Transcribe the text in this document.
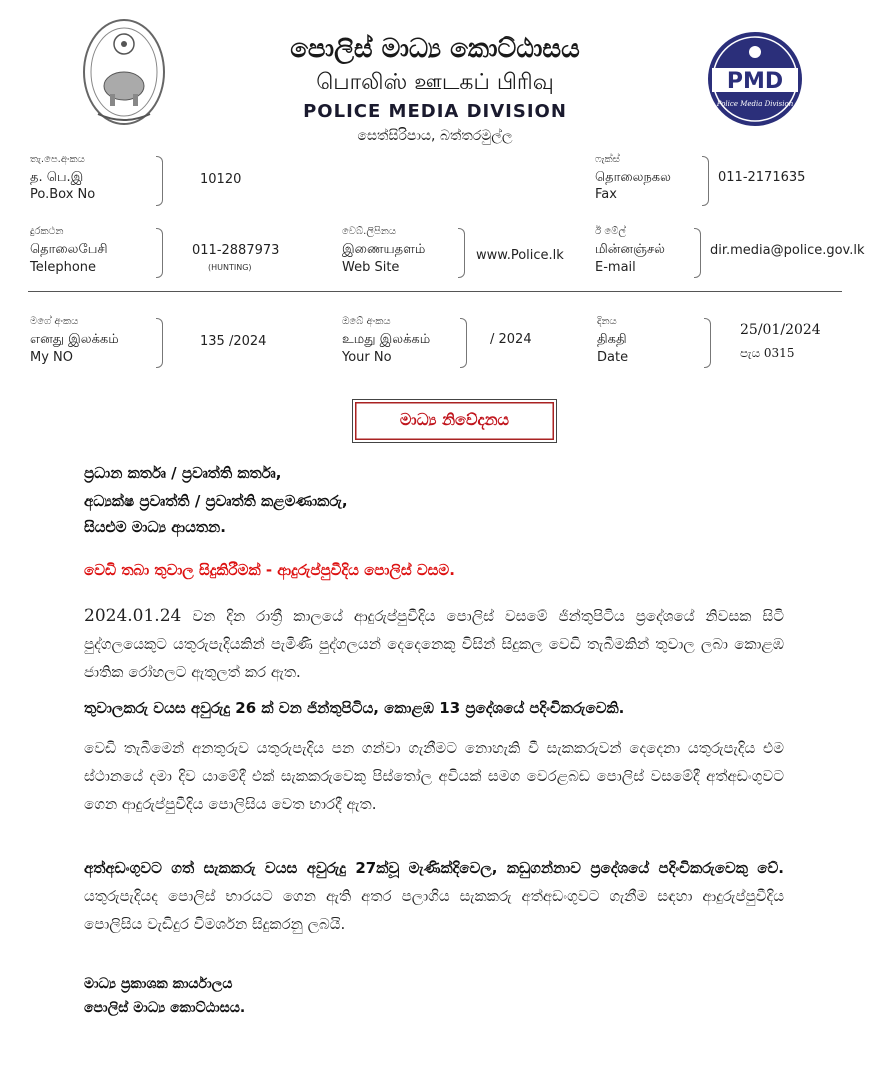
PMD
Police Media Division
පොලිස් මාධ්‍ය කොට්ඨාසය
பொலிஸ் ஊடகப் பிரிவு
POLICE MEDIA DIVISION
සෙත්සිරිපාය, බත්තරමුල්ල
තැ.පෙ.අංකය
த. பெ.இ
Po.Box No
10120
ෆැක්ස්
தொலைநகல
Fax
011-2171635
දුරකථන
தொலைபேசி
Telephone
011-2887973
(HUNTING)
වෙබ්.ලිපිනය
இணையதளம்
Web Site
www.Police.lk
ඊ මේල්
மின்னஞ்சல்
E-mail
dir.media@police.gov.lk
මගේ අංකය
எனது இலக்கம்
My NO
135 /2024
ඔබේ අංකය
உமது இலக்கம்
Your No
/ 2024
දිනය
திகதி
Date
25/01/2024
පැය 0315
මාධ්‍ය නිවේදනය
ප්‍රධාන කර්තෘ / ප්‍රවෘත්ති කර්තෘ,
අධ්‍යක්ෂ ප්‍රවෘත්ති / ප්‍රවෘත්ති කළමණාකරු,
සියළුම මාධ්‍ය ආයතන.
වෙඩි තබා තුවාල සිදුකිරීමක් - ආදුරුප්පුවීදිය පොලිස් වසම.
2024.01.24 වන දින රාත්‍රී කාලයේ ආදුරුප්පුවීදිය පොලිස් වසමේ ජින්තුපිටිය ප්‍රදේශයේ නිවසක සිටි පුද්ගලයෙකුට යතුරුපැදියකින් පැමිණි පුද්ගලයන් දෙදෙනෙකු විසින් සිදුකල වෙඩි තැබීමකින් තුවාල ලබා කොළඹ ජාතික රෝහලට ඇතුලත් කර ඇත.
තුවාලකරු වයස අවුරුදු 26 ක් වන ජින්තුපිටිය, කොළඹ 13 ප්‍රදේශයේ පදිංචිකරුවෙකි.
වෙඩි තැබීමෙන් අනතුරුව යතුරුපැදිය පන ගන්වා ගැනීමට නොහැකි වී සැකකරුවන් දෙදෙනා යතුරුපැදිය එම ස්ථානයේ දමා දිව යාමේදී එක් සැකකරුවෙකු පිස්තෝල අවියක් සමග වෙරළබඩ පොලිස් වසමේදී අත්අඩංගුවට ගෙන ආදුරුප්පුවීදිය පොලිසිය වෙත භාරදී ඇත.
අත්අඩංගුවට ගත් සැකකරු වයස අවුරුදු 27ක්වූ මැණික්දිවෙල, කඩුගන්නාව ප්‍රදේශයේ පදිංචිකරුවෙකු වේ. යතුරුපැදියද පොලිස් භාරයට ගෙන ඇති අතර පලාගිය සැකකරු අත්අඩංගුවට ගැනීම සඳහා ආදුරුප්පුවීදිය පොලිසිය වැඩිදුර විමර්ශන සිදුකරනු ලබයි.
මාධ්‍ය ප්‍රකාශක කාර්යාලය
පොලිස් මාධ්‍ය කොට්ඨාසය.
